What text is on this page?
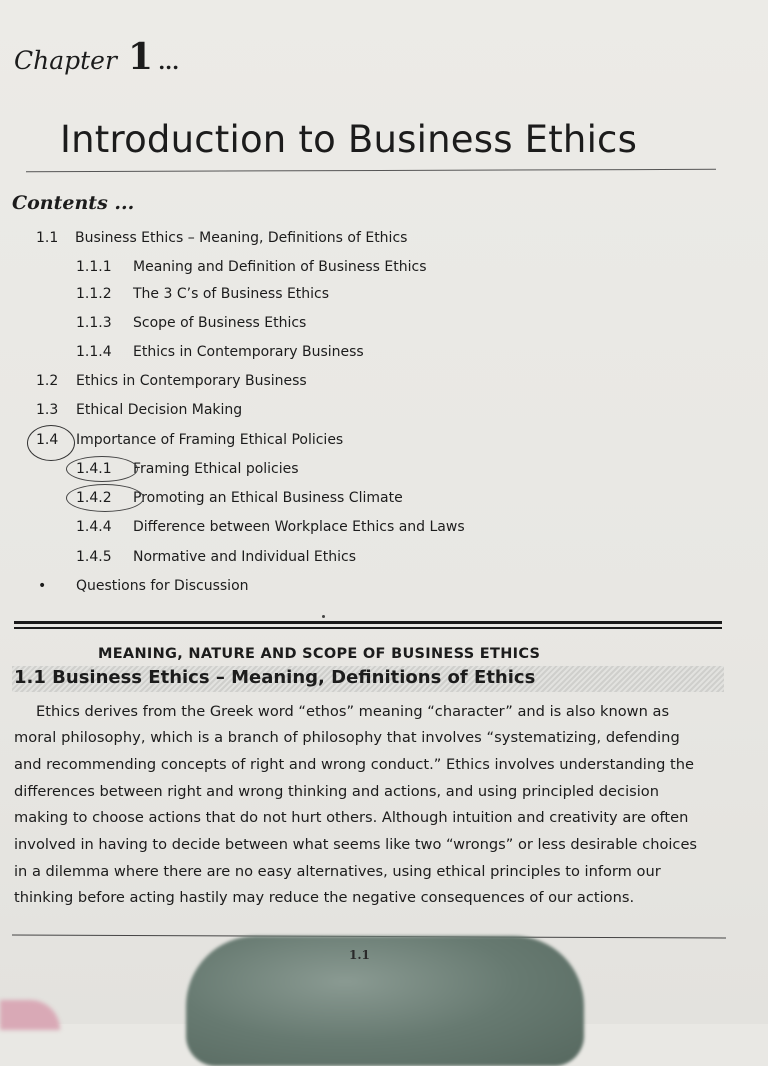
Chapter 1 ...
Introduction to Business Ethics
Contents ...
1.1 Business Ethics – Meaning, Definitions of Ethics
1.1.1 Meaning and Definition of Business Ethics
1.1.2 The 3 C’s of Business Ethics
1.1.3 Scope of Business Ethics
1.1.4 Ethics in Contemporary Business
1.2 Ethics in Contemporary Business
1.3 Ethical Decision Making
1.4 Importance of Framing Ethical Policies
1.4.1 Framing Ethical policies
1.4.2 Promoting an Ethical Business Climate
1.4.4 Difference between Workplace Ethics and Laws
1.4.5 Normative and Individual Ethics
• Questions for Discussion
MEANING, NATURE AND SCOPE OF BUSINESS ETHICS
1.1 Business Ethics – Meaning, Definitions of Ethics
Ethics derives from the Greek word “ethos” meaning “character” and is also known as
moral philosophy, which is a branch of philosophy that involves “systematizing, defending
and recommending concepts of right and wrong conduct.” Ethics involves understanding the
differences between right and wrong thinking and actions, and using principled decision
making to choose actions that do not hurt others. Although intuition and creativity are often
involved in having to decide between what seems like two “wrongs” or less desirable choices
in a dilemma where there are no easy alternatives, using ethical principles to inform our
thinking before acting hastily may reduce the negative consequences of our actions.
1.1
